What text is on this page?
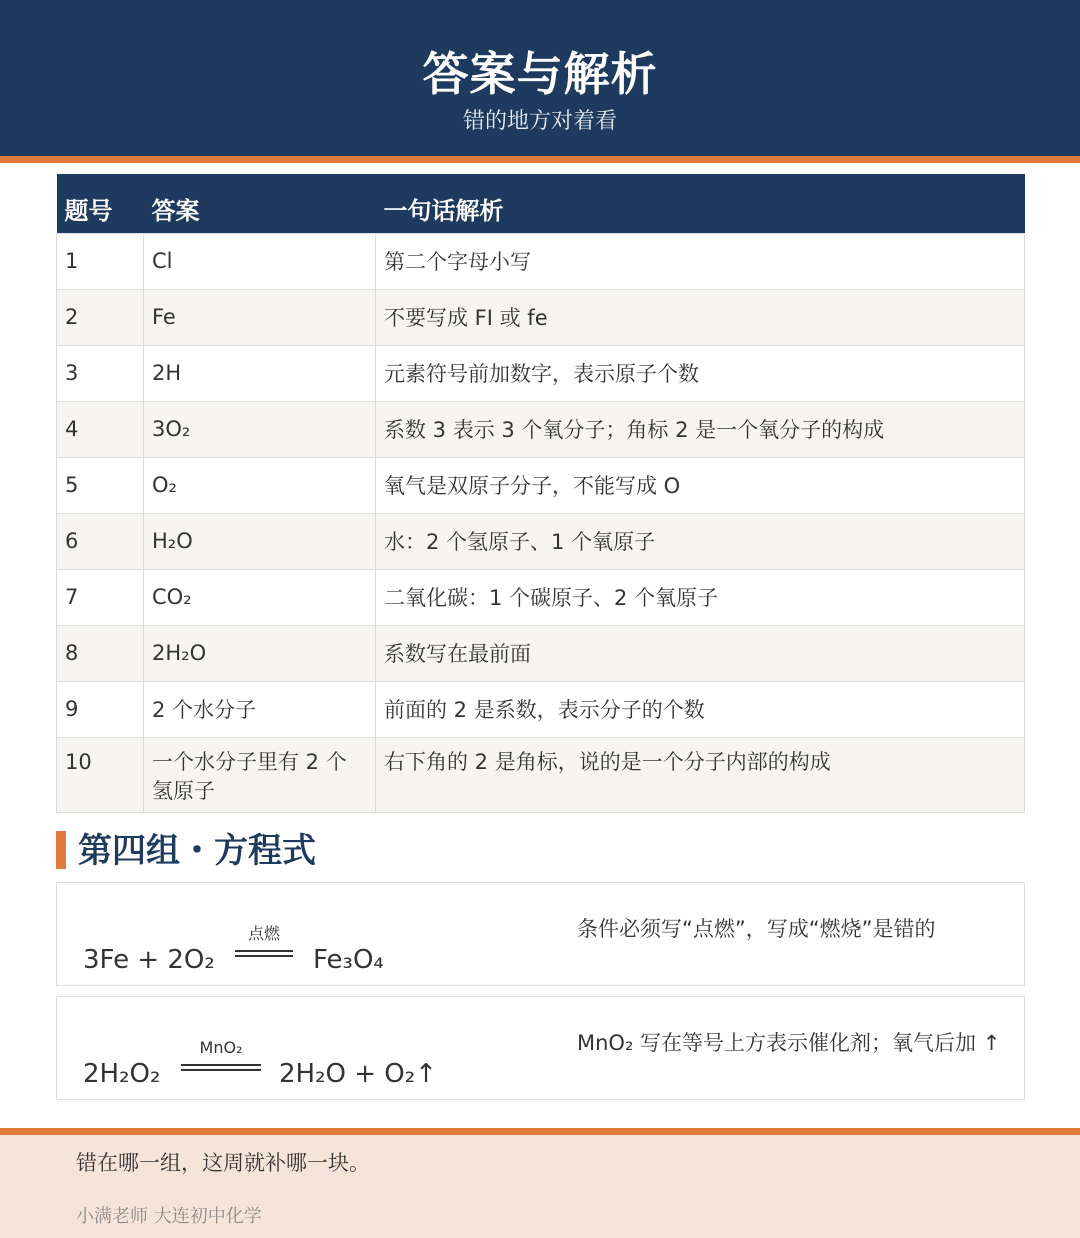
答案与解析
错的地方对着看
题号	答案	一句话解析
1	Cl	第二个字母小写
2	Fe	不要写成 FI 或 fe
3	2H	元素符号前加数字，表示原子个数
4	3O₂	系数 3 表示 3 个氧分子；角标 2 是一个氧分子的构成
5	O₂	氧气是双原子分子，不能写成 O
6	H₂O	水：2 个氢原子、1 个氧原子
7	CO₂	二氧化碳：1 个碳原子、2 个氧原子
8	2H₂O	系数写在最前面
9	2 个水分子	前面的 2 是系数，表示分子的个数
10	一个水分子里有 2 个氢原子	右下角的 2 是角标，说的是一个分子内部的构成
第四组・方程式
3Fe + 2O₂
点燃
Fe₃O₄
条件必须写“点燃”，写成“燃烧”是错的
2H₂O₂
MnO₂
2H₂O + O₂↑
MnO₂ 写在等号上方表示催化剂；氧气后加 ↑
错在哪一组，这周就补哪一块。
小满老师 大连初中化学
